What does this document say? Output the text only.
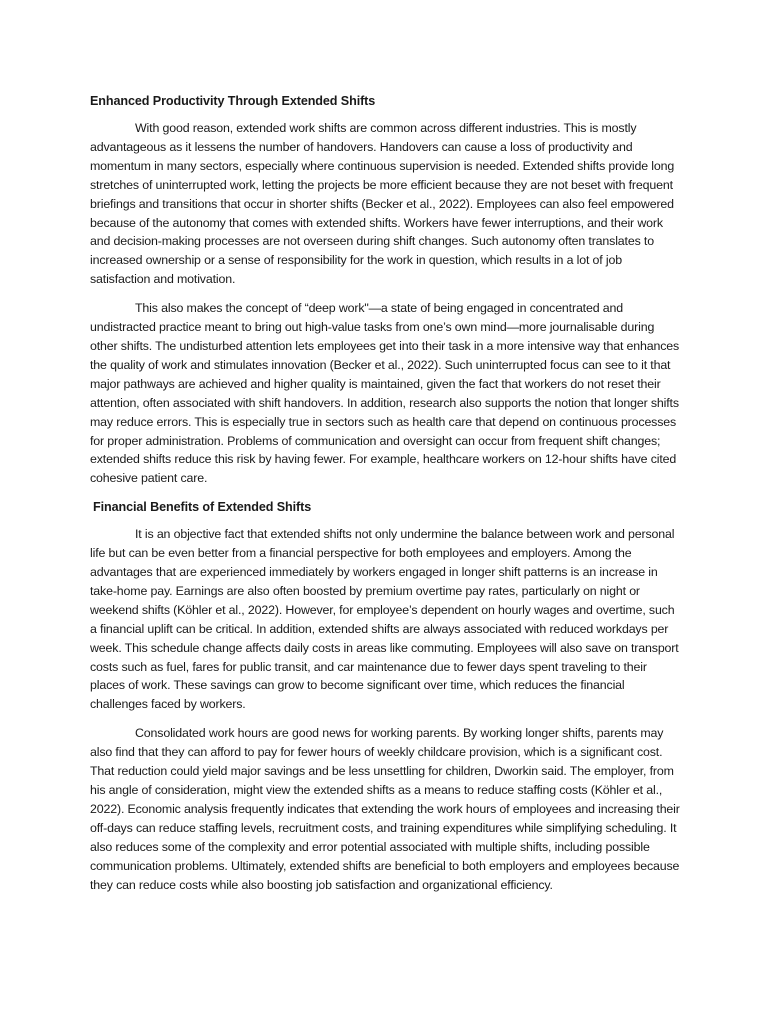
Enhanced Productivity Through Extended Shifts

With good reason, extended work shifts are common across different industries. This is mostly advantageous as it lessens the number of handovers. Handovers can cause a loss of productivity and momentum in many sectors, especially where continuous supervision is needed. Extended shifts provide long stretches of uninterrupted work, letting the projects be more efficient because they are not beset with frequent briefings and transitions that occur in shorter shifts (Becker et al., 2022). Employees can also feel empowered because of the autonomy that comes with extended shifts. Workers have fewer interruptions, and their work and decision-making processes are not overseen during shift changes. Such autonomy often translates to increased ownership or a sense of responsibility for the work in question, which results in a lot of job satisfaction and motivation.

This also makes the concept of “deep work"—a state of being engaged in concentrated and undistracted practice meant to bring out high-value tasks from one’s own mind—more journalisable during other shifts. The undisturbed attention lets employees get into their task in a more intensive way that enhances the quality of work and stimulates innovation (Becker et al., 2022). Such uninterrupted focus can see to it that major pathways are achieved and higher quality is maintained, given the fact that workers do not reset their attention, often associated with shift handovers. In addition, research also supports the notion that longer shifts may reduce errors. This is especially true in sectors such as health care that depend on continuous processes for proper administration. Problems of communication and oversight can occur from frequent shift changes; extended shifts reduce this risk by having fewer. For example, healthcare workers on 12-hour shifts have cited cohesive patient care.

Financial Benefits of Extended Shifts

It is an objective fact that extended shifts not only undermine the balance between work and personal life but can be even better from a financial perspective for both employees and employers. Among the advantages that are experienced immediately by workers engaged in longer shift patterns is an increase in take-home pay. Earnings are also often boosted by premium overtime pay rates, particularly on night or weekend shifts (Köhler et al., 2022). However, for employee’s dependent on hourly wages and overtime, such a financial uplift can be critical. In addition, extended shifts are always associated with reduced workdays per week. This schedule change affects daily costs in areas like commuting. Employees will also save on transport costs such as fuel, fares for public transit, and car maintenance due to fewer days spent traveling to their places of work. These savings can grow to become significant over time, which reduces the financial challenges faced by workers.

Consolidated work hours are good news for working parents. By working longer shifts, parents may also find that they can afford to pay for fewer hours of weekly childcare provision, which is a significant cost. That reduction could yield major savings and be less unsettling for children, Dworkin said. The employer, from his angle of consideration, might view the extended shifts as a means to reduce staffing costs (Köhler et al., 2022). Economic analysis frequently indicates that extending the work hours of employees and increasing their off-days can reduce staffing levels, recruitment costs, and training expenditures while simplifying scheduling. It also reduces some of the complexity and error potential associated with multiple shifts, including possible communication problems. Ultimately, extended shifts are beneficial to both employers and employees because they can reduce costs while also boosting job satisfaction and organizational efficiency.
